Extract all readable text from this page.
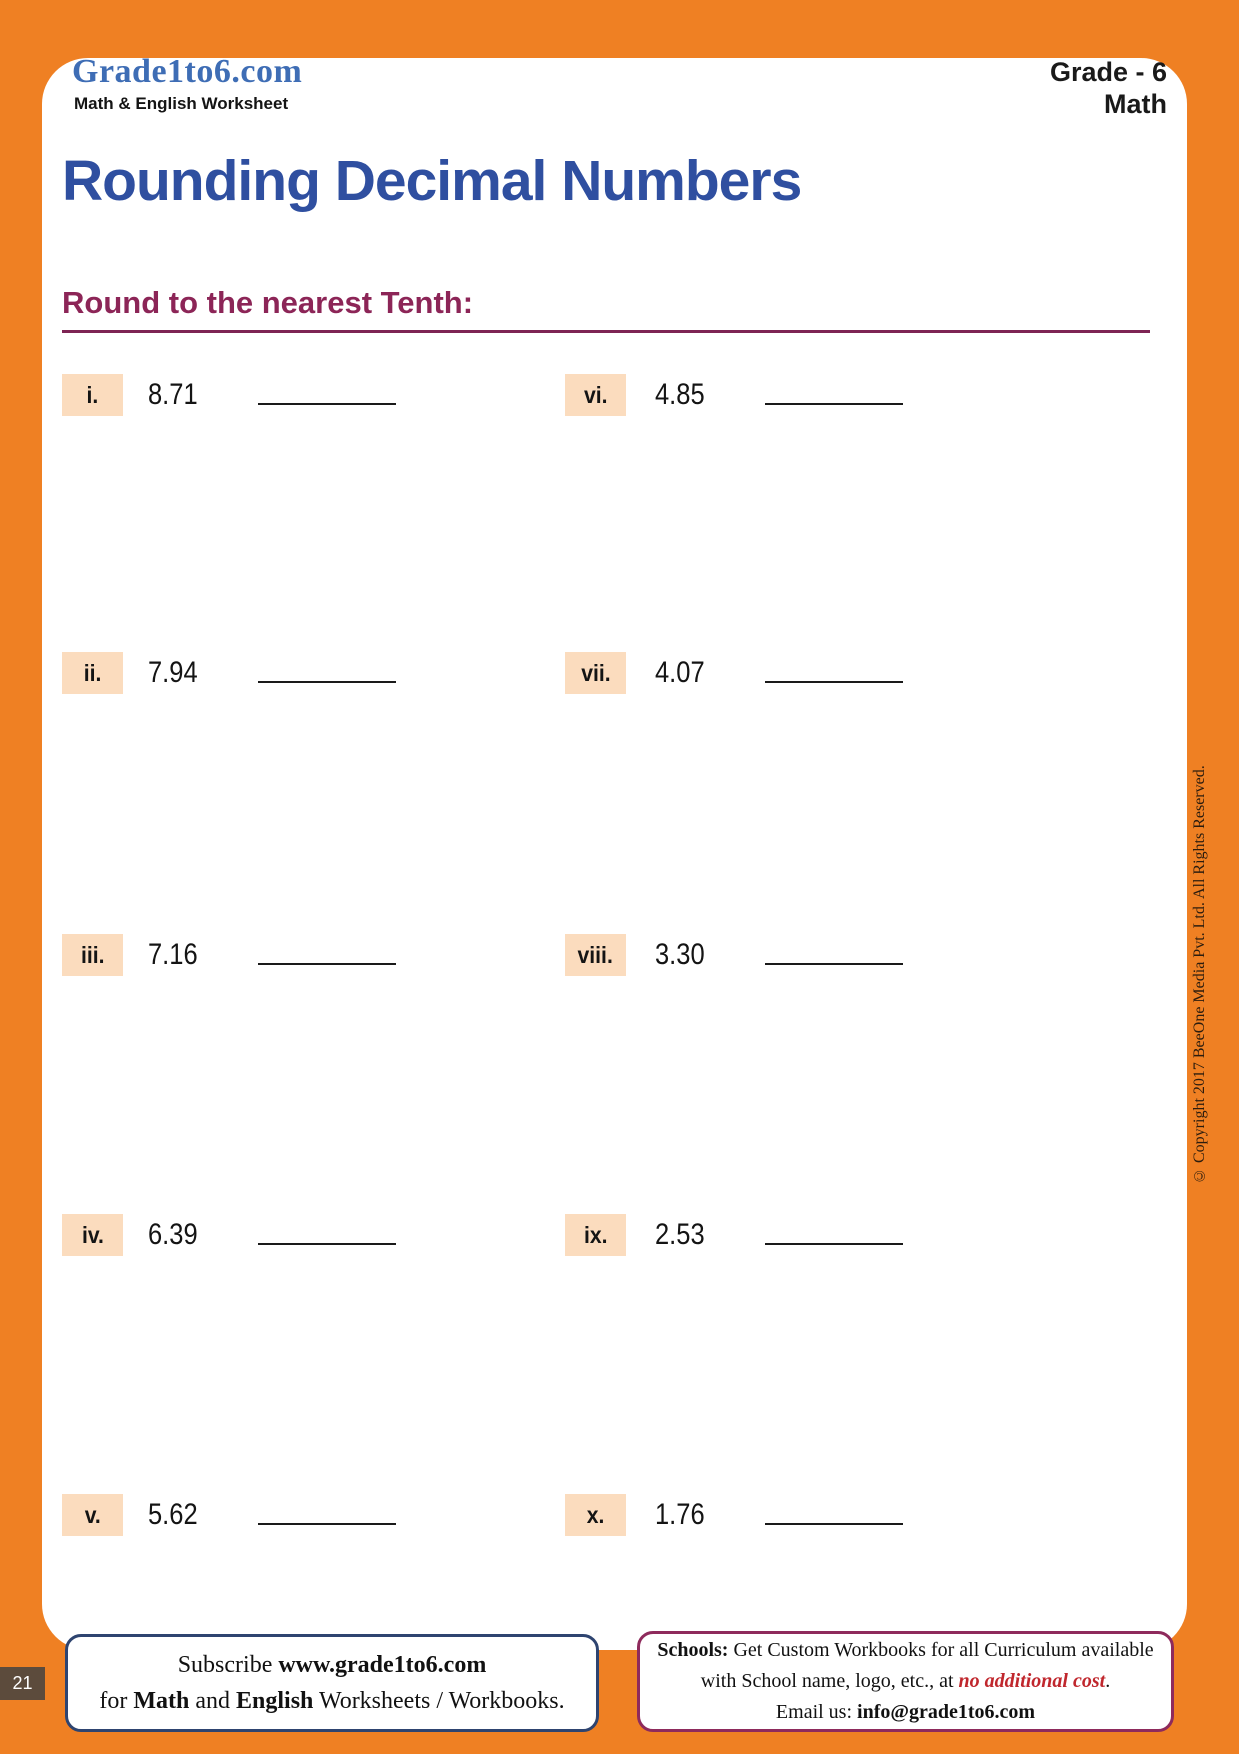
Grade1to6.com
Math & English Worksheet
Grade - 6
Math
Rounding Decimal Numbers
Round to the nearest Tenth:
i. 8.71
ii. 7.94
iii. 7.16
iv. 6.39
v. 5.62
vi. 4.85
vii. 4.07
viii. 3.30
ix. 2.53
x. 1.76
© Copyright 2017 BeeOne Media Pvt. Ltd. All Rights Reserved.
21
Subscribe www.grade1to6.com
for Math and English Worksheets / Workbooks.
Schools: Get Custom Workbooks for all Curriculum available
with School name, logo, etc., at no additional cost.
Email us: info@grade1to6.com
